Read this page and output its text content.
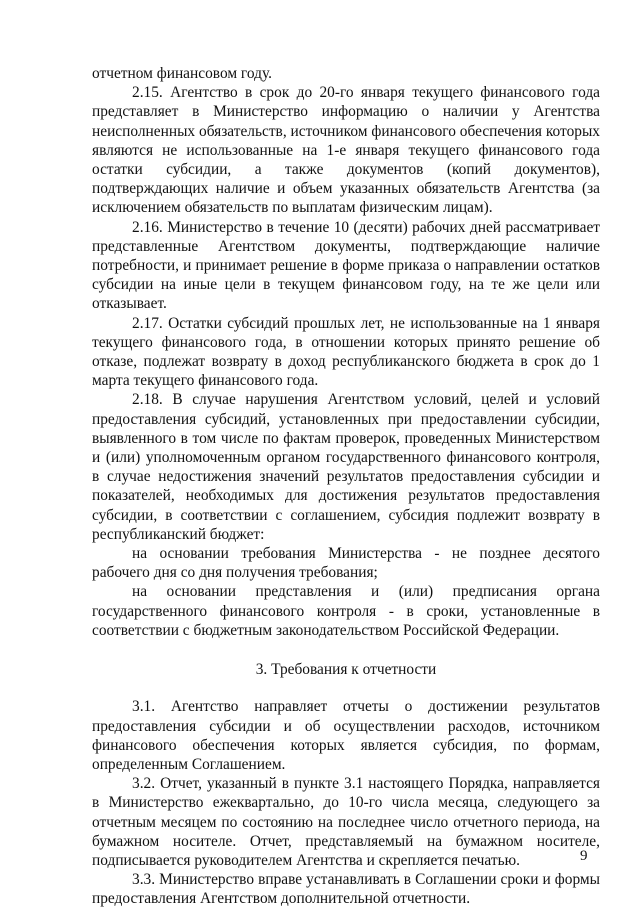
отчетном финансовом году.

2.15. Агентство в срок до 20-го января текущего финансового года представляет в Министерство информацию о наличии у Агентства неисполненных обязательств, источником финансового обеспечения которых являются не использованные на 1-е января текущего финансового года остатки субсидии, а также документов (копий документов), подтверждающих наличие и объем указанных обязательств Агентства (за исключением обязательств по выплатам физическим лицам).

2.16. Министерство в течение 10 (десяти) рабочих дней рассматривает представленные Агентством документы, подтверждающие наличие потребности, и принимает решение в форме приказа о направлении остатков субсидии на иные цели в текущем финансовом году, на те же цели или отказывает.

2.17. Остатки субсидий прошлых лет, не использованные на 1 января текущего финансового года, в отношении которых принято решение об отказе, подлежат возврату в доход республиканского бюджета в срок до 1 марта текущего финансового года.

2.18. В случае нарушения Агентством условий, целей и условий предоставления субсидий, установленных при предоставлении субсидии, выявленного в том числе по фактам проверок, проведенных Министерством и (или) уполномоченным органом государственного финансового контроля, в случае недостижения значений результатов предоставления субсидии и показателей, необходимых для достижения результатов предоставления субсидии, в соответствии с соглашением, субсидия подлежит возврату в республиканский бюджет:

на основании требования Министерства - не позднее десятого рабочего дня со дня получения требования;

на основании представления и (или) предписания органа государственного финансового контроля - в сроки, установленные в соответствии с бюджетным законодательством Российской Федерации.

3. Требования к отчетности

3.1. Агентство направляет отчеты о достижении результатов предоставления субсидии и об осуществлении расходов, источником финансового обеспечения которых является субсидия, по формам, определенным Соглашением.

3.2. Отчет, указанный в пункте 3.1 настоящего Порядка, направляется в Министерство ежеквартально, до 10-го числа месяца, следующего за отчетным месяцем по состоянию на последнее число отчетного периода, на бумажном носителе. Отчет, представляемый на бумажном носителе, подписывается руководителем Агентства и скрепляется печатью.

3.3. Министерство вправе устанавливать в Соглашении сроки и формы предоставления Агентством дополнительной отчетности.

9
